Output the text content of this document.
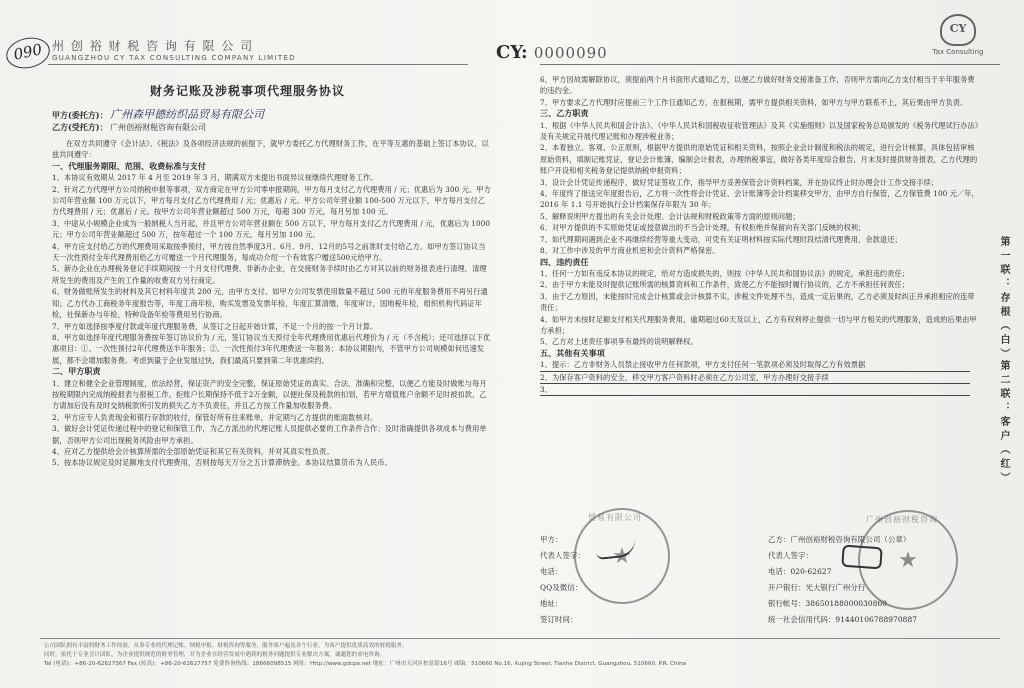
090 州 创 裕 财 税 咨 询 有 限 公 司
GUANGZHOU CY TAX CONSULTING COMPANY LIMITED	CY: 0000090
CY
Tax Consulting
财务记账及涉税事项代理服务协议
甲方(委托方)： 广州森甲德纺织品贸易有限公司
乙方(受托方)： 广州创裕财税咨询有限公司

在双方共同遵守《会计法》、《税法》及各项经济法规的前提下，就甲方委托乙方代理财务工作，在平等互惠的基础上签订本协议，以兹共同遵守：

一、代理服务期限、范围、收费标准与支付

1、本协议有效期从 2017 年 4 月至 2019 年 3 月，期满双方未提出书面异议视继续代理财务工作。

2、针对乙方代理甲方公司纳税申报等事项，双方商定在甲方公司零申报期间，甲方每月支付乙方代理费用 / 元；优惠后为 300 元。甲方公司年营业额 100 万元以下，甲方每月支付乙方代理费用 / 元；优惠后 / 元。甲方公司年营业额 100-500 万元以下，甲方每月支付乙方代理费用 / 元；优惠后 / 元。按甲方公司年营业额超过 500 万元，每超 300 万元，每月另加 100 元。

3、中途从小规模企业成为一般纳税人当月起，并且甲方公司年营业额在 500 万以下，甲方每月支付乙方代理费用 / 元，优惠后为 1000 元；甲方公司年营业额超过 500 万，按年超过一个 100 万元，每月另加 100 元。

4、甲方应支付给乙方的代理费用采取按季预付，甲方按自然季度3月、6月、9月、12月的5号之前准时支付给乙方。如甲方签订协议当天一次性预付全年代理费用给乙方可赠送一个月代理服务，每成功介绍一个有效客户赠送500元给甲方。

5、新办企业在办理税务登记手续期间按一个月支付代理费，非新办企业，在交接财务手续时由乙方对其以前的财务报表进行清理，清理所发生的费用及产生的工作量的收费双方另行商定。

6、财务做账所发生的材料及其它材料年度共 200 元，由甲方支付。如甲方公司发票使用数量不超过 500 元的年度服务费用不再另行通知；乙方代办工商税务年度报告等，年度工商年检，购买发票及发票年检，年度汇算清缴，年度审计，国地税年检，组织机构代码证年检，社保新办与年检，特种设备年检等费用另行协商。

7、甲方如选择按季度付款或年度代理服务费，从签订之日起开始计算，不足一个月的按一个月计算。

8、甲方如选择年度代理服务费按年签订协议价为 / 元，签订协议当天预付全年代理费用优惠后代理价为 / 元（不含税）；还可选择以下优惠项目：①、一次性预付2年代理费送半年服务；②、一次性预付3年代理费送一年服务；本协议期限内，不管甲方公司规模如何迅速发展，都不会增加服务费。考虑到量于企业发展过快，我们最高只要到第二年优惠续约。

二、甲方职责

1、建立和健全企业管理制度，依法经营，保证资产的安全完整，保证原始凭证的真实、合法、准确和完整，以便乙方能及时做账与每月按税期限内完成纳税报表与报税工作。拒账户长期保持不低于2万金额，以便社保及税款的扣划，若甲方增值账户余额不足时被扣款，乙方请加后没有及时交纳税款所引发的损失乙方不负责任，并且乙方按工作量加收服务费。

2、甲方应专人负责现金和银行存款的收付，保管好所有往来账单，并定期与乙方提供的账面数核对。

3、做好会计凭证传递过程中的登记和保管工作，为乙方派出的代理记账人员提供必要的工作条件合作；及时准确提供各项成本与费用单据，否则甲方公司出现税务风险由甲方承担。

4、应对乙方提供给会计核算所需的全部原始凭证和其它有关资料，并对其真实性负责。

5、按本协议规定及时足额地支付代理费用，否则按每天万分之五计算滞纳金。本协议结算货币为人民币。

6、甲方因故需解除协议，须提前两个月书面形式通知乙方，以便乙方做好财务交接准备工作，否则甲方需向乙方支付相当于半年服务费的违约金。

7、甲方要求乙方代理时应提前三个工作日通知乙方，在报税期，需甲方提供相关资料，如甲方与甲方联系不上，其后果由甲方负责。

三、乙方职责

1、根据《中华人民共和国会计法》、《中华人民共和国税收征收管理法》及其《实施细则》以及国家税务总局颁发的《税务代理试行办法》及有关规定开展代理记账和办理涉税业务；

2、本着独立、客观、公正原则，根据甲方提供的原始凭证和相关资料，按照企业会计制度和税法的规定，进行会计核算，具体包括审核原始资料，填制记账凭证，登记会计账簿，编制会计报表，办理纳税事宜，做好各类年度综合报告，月末及时提供财务报表，乙方代理的账户开设和相关税务登记提供纳税申报资料；

3、设计会计凭证传递程序，做好凭证签收工作，指导甲方妥善保管会计资料档案，并在协议终止时办理会计工作交接手续；

4、年度终了报送完年度报告后，乙方将一次性将会计凭证、会计账簿等会计档案移交甲方，由甲方自行保管，乙方保管费 100 元／年，2016 年 1.1 号开始执行会计档案保存年限为 30 年；

5、解释说明甲方提出的有关会计处理、会计法规和财税政策等方面的原则问题；

6、对甲方提供的不实原始凭证或授意做出的不当会计处理，有权拒绝并保留向有关部门反映的权利；

7、如代理期间遇到企业不再继续经营等重大变动，可凭有关证明材料按实际代理时段结清代理费用，余款退还；

8、对工作中涉及的甲方商业机密和会计资料严格保密。

四、违约责任

1、任何一方如有违反本协议的规定，给对方造成损失的，则按《中华人民共和国协议法》的规定，承担违约责任；

2、由于甲方未能及时提供记账所需的核算资料和工作条件，致使乙方不能按时履行协议的，乙方不承担任何责任；

3、由于乙方原因，未能按时完成会计核算或会计核算不实，涉税文件处理不当，造成一定后果的，乙方必须及时纠正并承担相应的连带责任；

4、如甲方未按时足额支付相关代理服务费用，逾期超过60天及以上，乙方有权利停止提供一切与甲方相关的代理服务，造成的后果由甲方承担；

5、乙方对上述责任事项享有最终的说明解释权。

五、其他有关事项

1、提示：乙方非财务人员禁止接收甲方任何款项，甲方支付任何一笔款项必须及时取得乙方有效票据

2、为保存客户资料的安全，移交甲方客户资料时必须在乙方公司室，甲方办理好交接手续

3、

甲方：

代表人签字：

电话：

QQ及微信：

地址：

签订时间：

乙方：广州创裕财税咨询有限公司（公章）

代表人签字：

电话：020-62627

开户银行：光大银行广州分行

银行帐号：38650188000030860

统一社会信用代码：91440106788970887

★
贸易有限公司
★
广州创裕财税咨询
第一联：存根（白）
第二联：客户（红）
公司团队拥有丰富的财务工作经验，从事专业的代理记账、纳税申报、财税咨询等服务，服务客户遍及各个行业，为客户提供优质高效的财税服务。
同时，依托于专业会计团队，为企业提供规范的财务管理，并为企业在经营发展中遇到的税务问题提供专业解决方案，诚邀您的来电咨询。
Tel (电话)：+86-20-62627367 Fax (传真)：+86-20-62627757 免费咨询热线：18666098515 网址：Http://www.gdcpa.net 地址：广州市天河区柏景街16号 邮编：510660 No.16, Xujing Street, Tianhe District, Guangzhou, 510660, P.R. China
